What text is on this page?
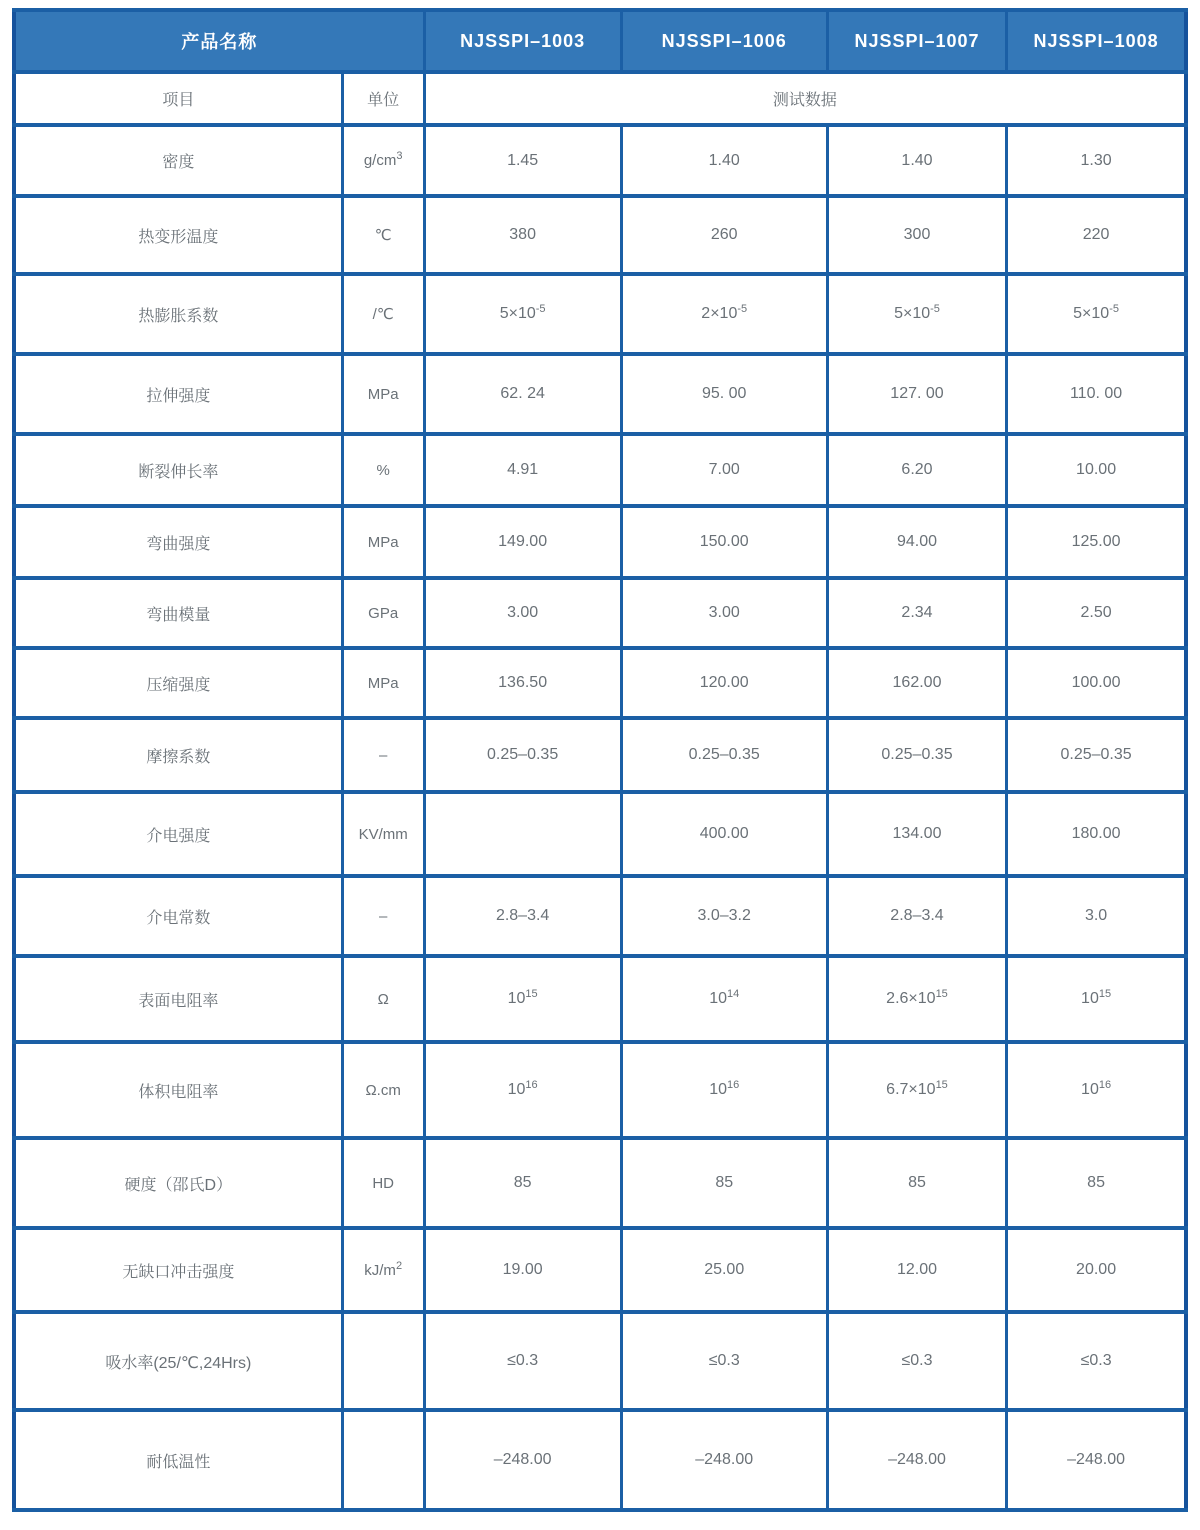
产品名称		NJSSPI–1003	NJSSPI–1006	NJSSPI–1007	NJSSPI–1008
项目	单位	测试数据			
密度	$g/cm^3$	1.45	1.40	1.40	1.30
热变形温度	℃	380	260	300	220
热膨胀系数	/℃	$5\times 10^{-5}$	$2\times 10^{-5}$	$5\times 10^{-5}$	$5\times 10^{-5}$
拉伸强度	MPa	62. 24	95. 00	127. 00	110. 00
断裂伸长率	%	4.91	7.00	6.20	10.00
弯曲强度	MPa	149.00	150.00	94.00	125.00
弯曲模量	GPa	3.00	3.00	2.34	2.50
压缩强度	MPa	136.50	120.00	162.00	100.00
摩擦系数	–	0.25–0.35	0.25–0.35	0.25–0.35	0.25–0.35
介电强度	KV/mm		400.00	134.00	180.00
介电常数	–	2.8–3.4	3.0–3.2	2.8–3.4	3.0
表面电阻率	Ω	$10^{15}$	$10^{14}$	$2.6\times 10^{15}$	$10^{15}$
体积电阻率	Ω.cm	$10^{16}$	$10^{16}$	$6.7\times 10^{15}$	$10^{16}$
硬度（邵氏D）	HD	85	85	85	85
无缺口冲击强度	$kJ/m^2$	19.00	25.00	12.00	20.00
吸水率(25/℃,24Hrs)		≤0.3	≤0.3	≤0.3	≤0.3
耐低温性		–248.00	–248.00	–248.00	–248.00
